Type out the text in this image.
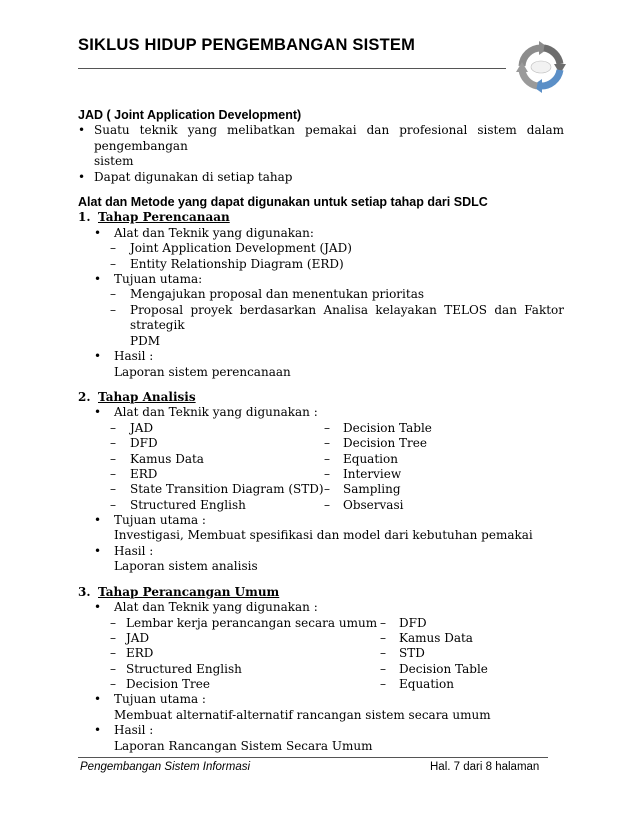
SIKLUS HIDUP PENGEMBANGAN SISTEM
JAD ( Joint Application Development)
• Suatu teknik yang melibatkan pemakai dan profesional sistem dalam pengembangan
sistem
• Dapat digunakan di setiap tahap
Alat dan Metode yang dapat digunakan untuk setiap tahap dari SDLC
1. Tahap Perencanaan
•	Alat dan Teknik yang digunakan:
–	Joint Application Development (JAD)
–	Entity Relationship Diagram (ERD)
•	Tujuan utama:
–	Mengajukan proposal dan menentukan prioritas
–	Proposal proyek berdasarkan Analisa kelayakan TELOS dan Faktor strategik
PDM
•	Hasil :
Laporan sistem perencanaan
2. Tahap Analisis
•	Alat dan Teknik yang digunakan :
– JAD	– Decision Table
– DFD	– Decision Tree
– Kamus Data	– Equation
– ERD	– Interview
– State Transition Diagram (STD) – Sampling
– Structured English	– Observasi
•	Tujuan utama :
Investigasi, Membuat spesifikasi dan model dari kebutuhan pemakai
•	Hasil :
Laporan sistem analisis
3. Tahap Perancangan Umum
•	Alat dan Teknik yang digunakan :
– Lembar kerja perancangan secara umum – DFD
– JAD	– Kamus Data
– ERD	– STD
– Structured English	– Decision Table
– Decision Tree	– Equation
•	Tujuan utama :
Membuat alternatif-alternatif rancangan sistem secara umum
•	Hasil :
Laporan Rancangan Sistem Secara Umum
Pengembangan Sistem Informasi	Hal. 7 dari 8 halaman
